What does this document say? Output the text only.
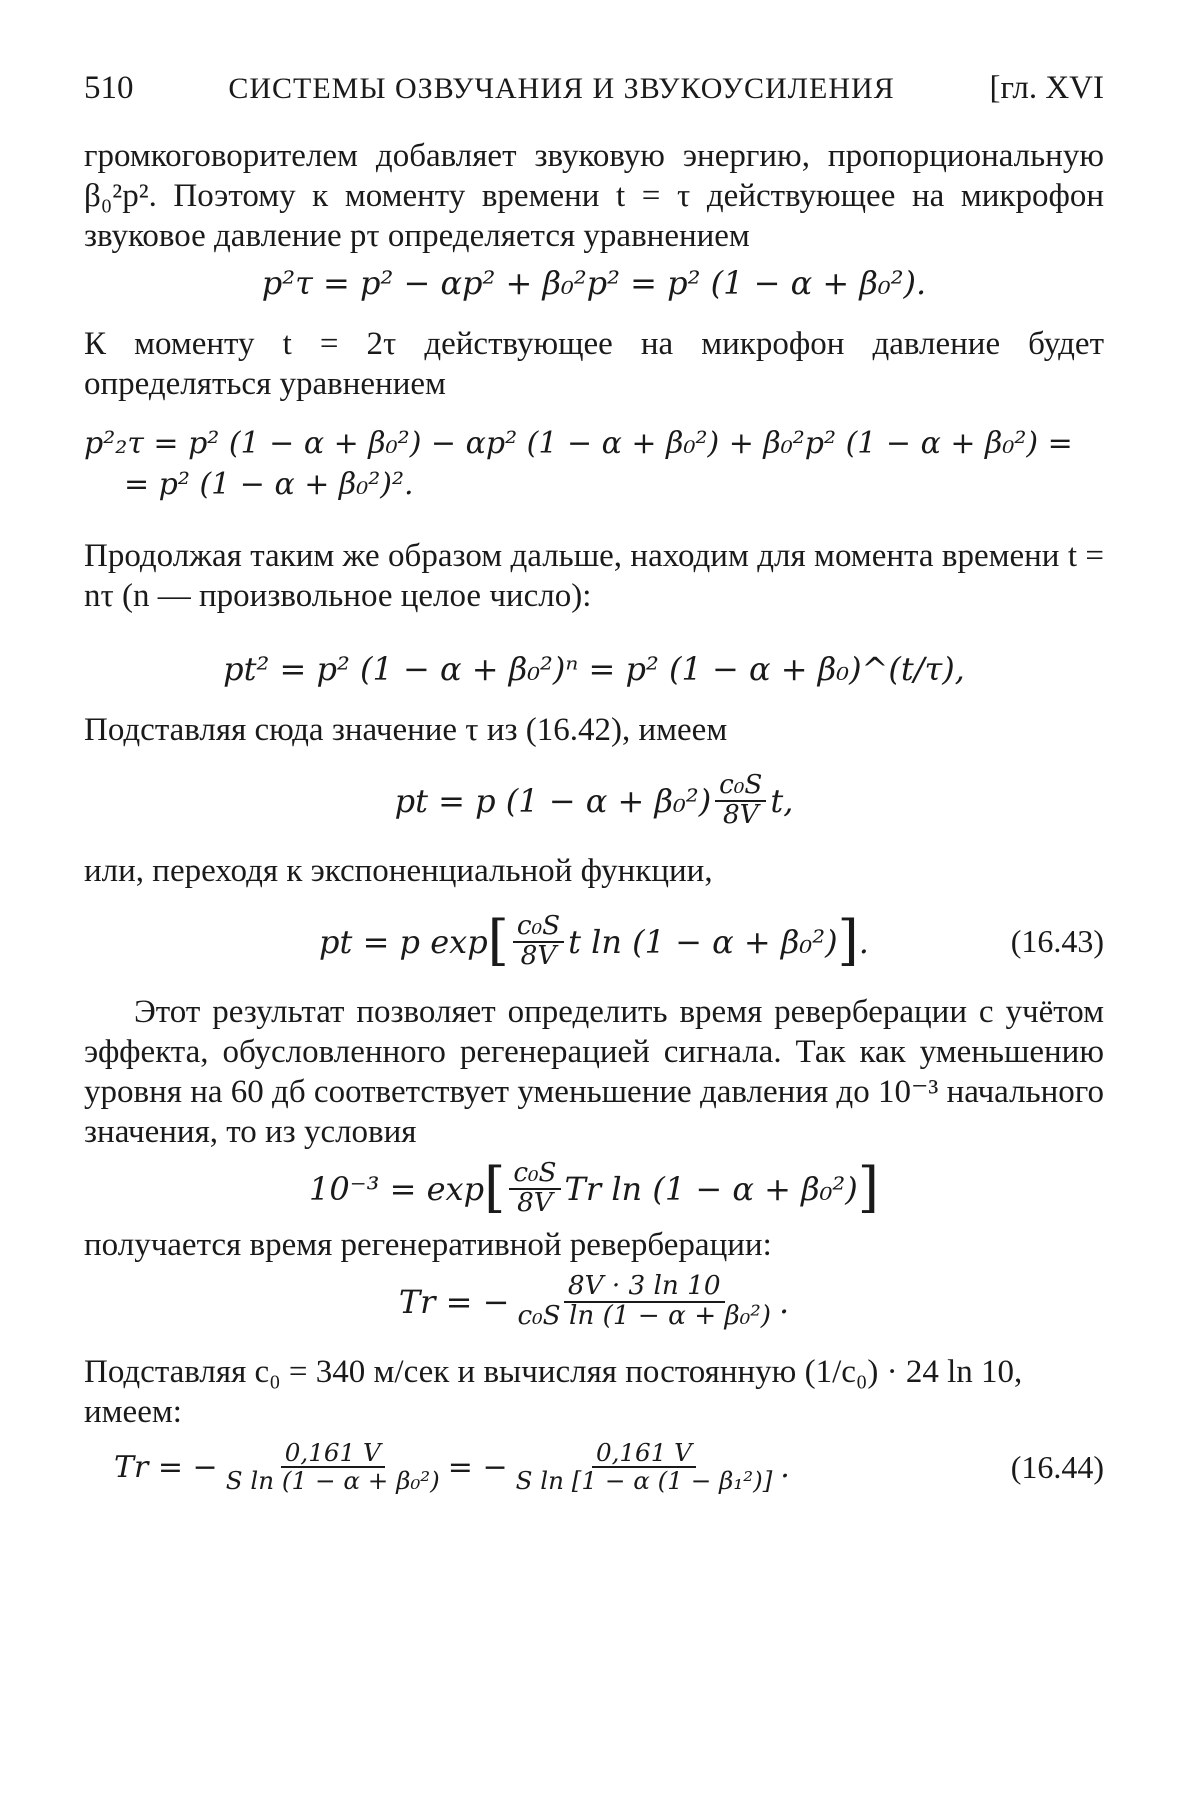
510	СИСТЕМЫ ОЗВУЧАНИЯ И ЗВУКОУСИЛЕНИЯ	[гл. XVI

громкоговорителем добавляет звуковую энергию, пропорциональную β₀²p². Поэтому к моменту времени t = τ действующее на микрофон звуковое давление pτ определяется уравнением

p²τ = p² − αp² + β₀²p² = p² (1 − α + β₀²).

К моменту t = 2τ действующее на микрофон давление будет определяться уравнением

p²₂τ = p² (1 − α + β₀²) − αp² (1 − α + β₀²) + β₀²p² (1 − α + β₀²) =
= p² (1 − α + β₀²)².

Продолжая таким же образом дальше, находим для момента времени t = nτ (n — произвольное целое число):

pt² = p² (1 − α + β₀²)ⁿ = p² (1 − α + β₀)^(t/τ),

Подставляя сюда значение τ из (16.42), имеем

pt = p $(1 - \alpha + \beta_0^2) \frac{\text{c₀S}}{8V} t$,

или, переходя к экспоненциальной функции,

pt = p exp [ $\frac{\text{c₀S}}{8V}$ t ln (1 − α + β₀²) ] .	(16.43)

Этот результат позволяет определить время реверберации с учётом эффекта, обусловленного регенерацией сигнала. Так как уменьшению уровня на 60 дб соответствует уменьшение давления до 10⁻³ начального значения, то из условия

10⁻³ = exp [ $\frac{\text{c₀S}}{8V}$ Tr ln (1 − α + β₀²) ]

получается время регенеративной реверберации:

Tr = − $\frac{8V \cdot 3 \ln 10}{\text{c₀S ln (1 − α + β₀²)}}$ .

Подставляя c₀ = 340 м/сек и вычисляя постоянную (1/c₀) · 24 ln 10,

имеем:

Tr = − $\frac{0,161 V}{\text{S ln (1 − α + β₀²)}}$ = − $\frac{0,161 V}{\text{S ln [1 − α (1 − β₁²)]}}$ .	(16.44)
